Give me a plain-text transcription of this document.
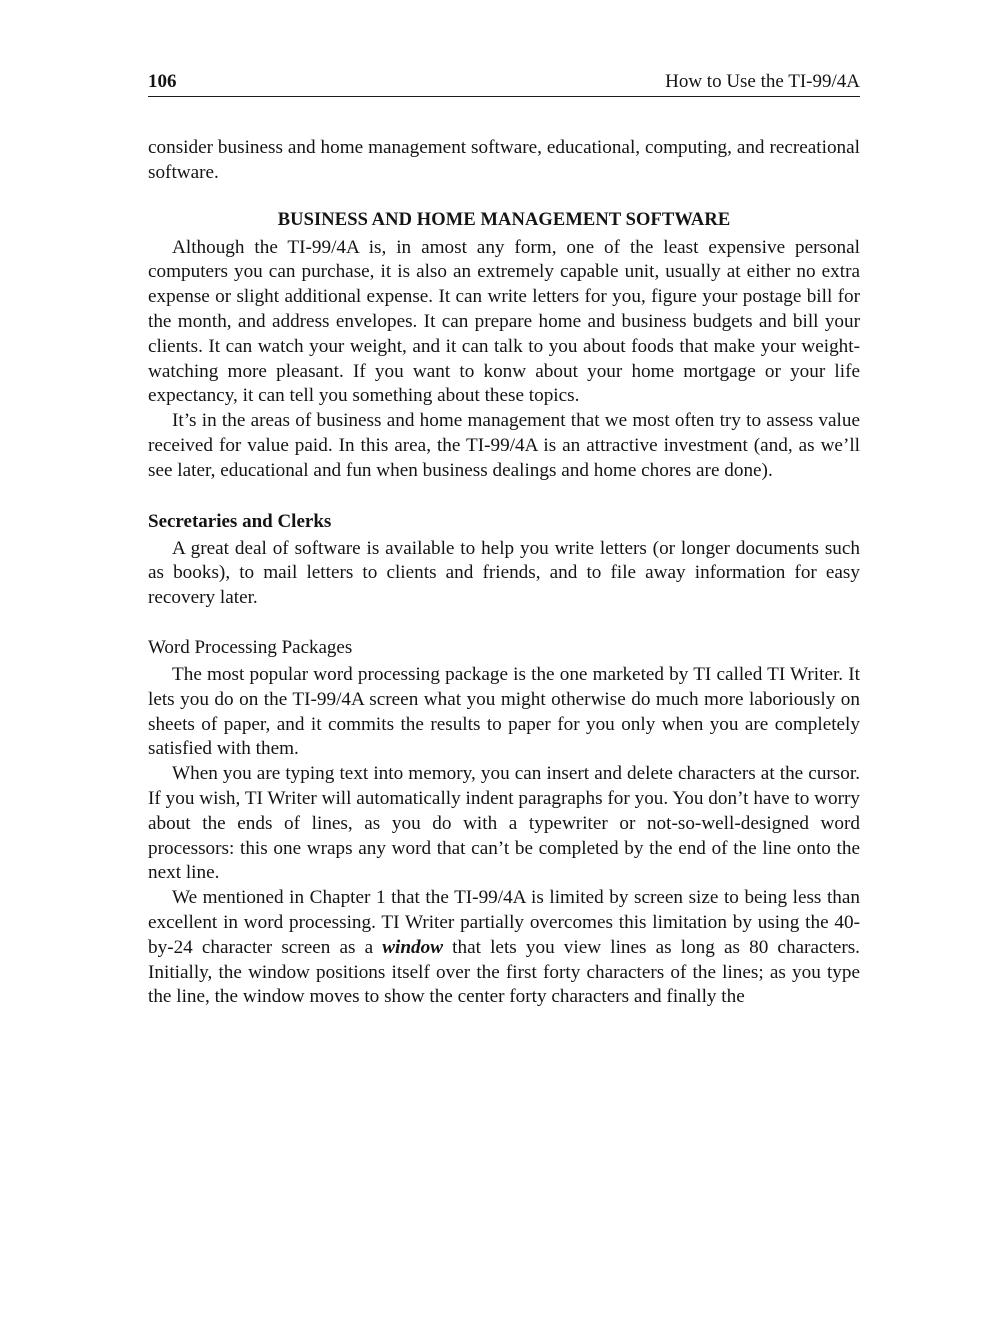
106	How to Use the TI-99/4A

consider business and home management software, educational, computing, and recreational software.

BUSINESS AND HOME MANAGEMENT SOFTWARE

Although the TI-99/4A is, in amost any form, one of the least expensive personal computers you can purchase, it is also an extremely capable unit, usually at either no extra expense or slight additional expense. It can write letters for you, figure your postage bill for the month, and address envelopes. It can prepare home and business budgets and bill your clients. It can watch your weight, and it can talk to you about foods that make your weight-watching more pleasant. If you want to konw about your home mortgage or your life expectancy, it can tell you something about these topics.

It’s in the areas of business and home management that we most often try to assess value received for value paid. In this area, the TI-99/4A is an attractive investment (and, as we’ll see later, educational and fun when business dealings and home chores are done).

Secretaries and Clerks

A great deal of software is available to help you write letters (or longer documents such as books), to mail letters to clients and friends, and to file away information for easy recovery later.

Word Processing Packages

The most popular word processing package is the one marketed by TI called TI Writer. It lets you do on the TI-99/4A screen what you might otherwise do much more laboriously on sheets of paper, and it commits the results to paper for you only when you are completely satisfied with them.

When you are typing text into memory, you can insert and delete characters at the cursor. If you wish, TI Writer will automatically indent paragraphs for you. You don’t have to worry about the ends of lines, as you do with a typewriter or not-so-well-designed word processors: this one wraps any word that can’t be completed by the end of the line onto the next line.

We mentioned in Chapter 1 that the TI-99/4A is limited by screen size to being less than excellent in word processing. TI Writer partially overcomes this limitation by using the 40-by-24 character screen as a window that lets you view lines as long as 80 characters. Initially, the window positions itself over the first forty characters of the lines; as you type the line, the window moves to show the center forty characters and finally the
